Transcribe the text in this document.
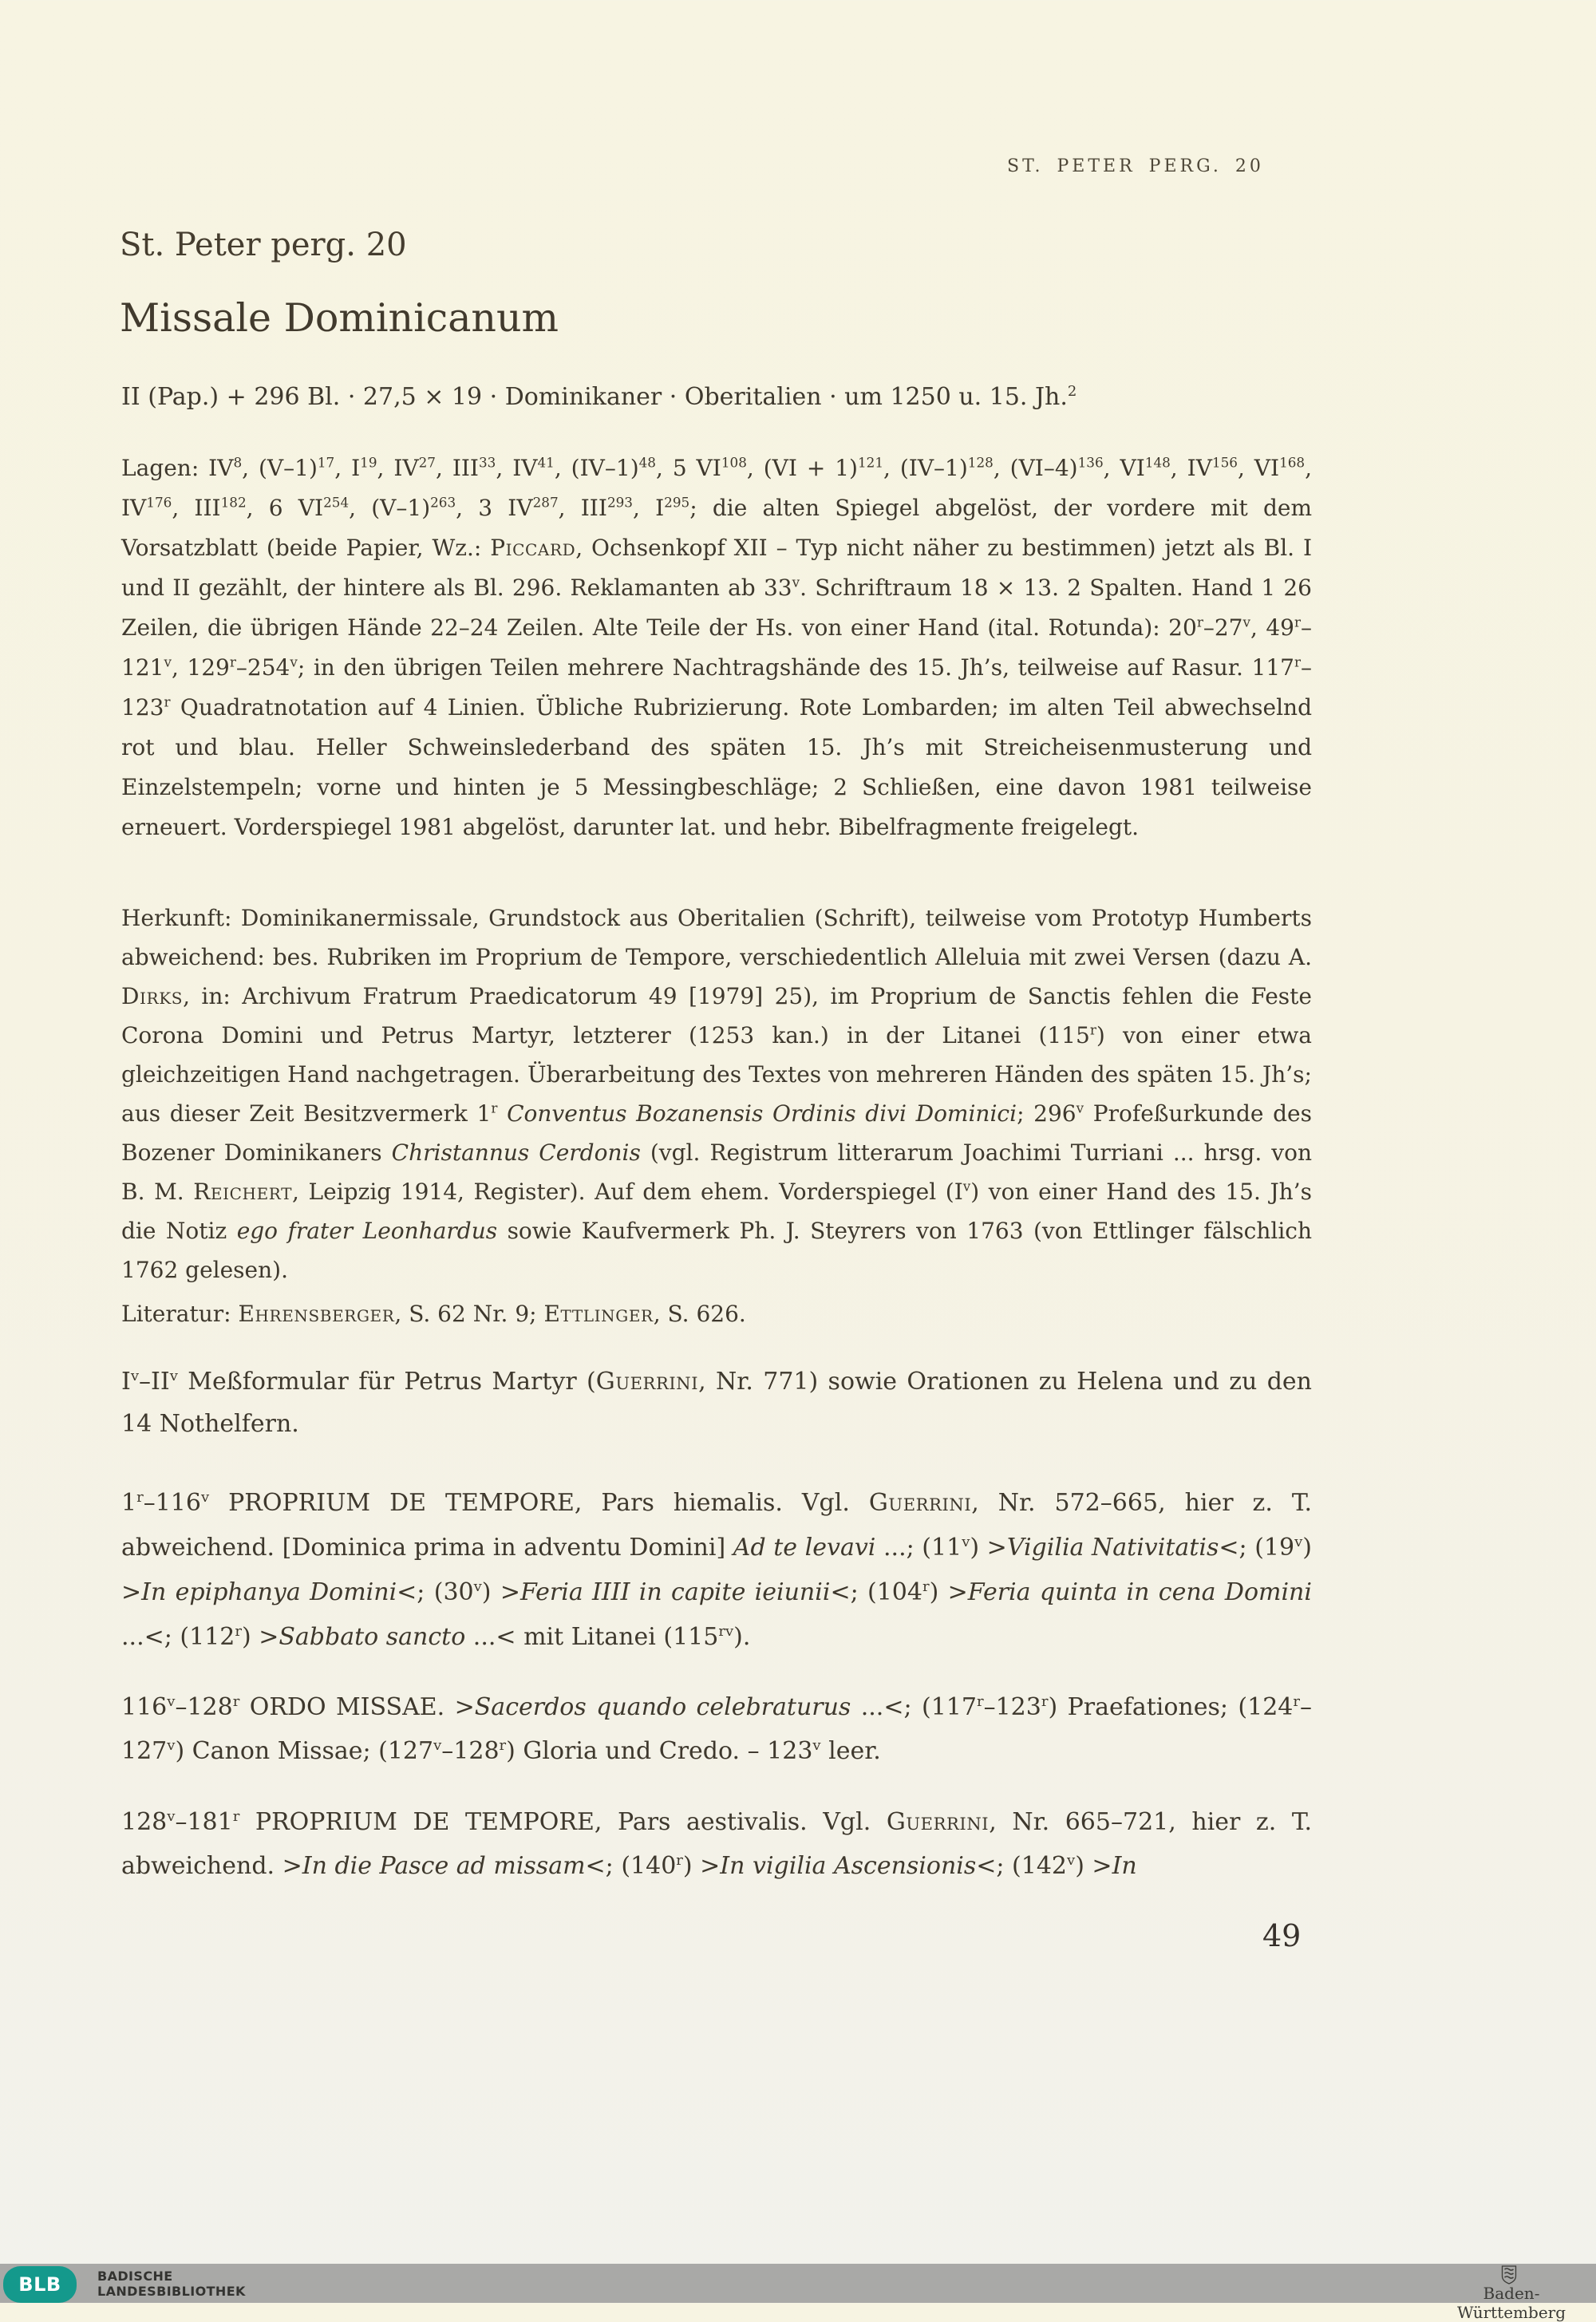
ST. PETER PERG. 20
St. Peter perg. 20
Missale Dominicanum
II (Pap.) + 296 Bl. · 27,5 × 19 · Dominikaner · Oberitalien · um 1250 u. 15. Jh.$^2$

Lagen: $IV^8$, $(V-1)^{17}$, $I^{19}$, IV$^{27}$, III$^{33}$, IV$^{41}$, $(IV-1)^{48}$, 5 VI$^{108}$, (VI + 1)$^{121}$, $(IV-1)^{128}$, $(VI-4)^{136}$, VI$^{148}$, IV$^{156}$, VI$^{168}$, IV$^{176}$, III$^{182}$, 6 VI$^{254}$, $(V-1)^{263}$, 3 IV$^{287}$, III$^{293}$, $I^{295}$; die alten Spiegel abgelöst, der vordere mit dem Vorsatzblatt (beide Papier, Wz.: Piccard, Ochsenkopf XII – Typ nicht näher zu bestimmen) jetzt als Bl. I und II gezählt, der hintere als Bl. 296. Reklamanten ab 33$^v$. Schriftraum 18 × 13. 2 Spalten. Hand 1 26 Zeilen, die übrigen Hände 22–24 Zeilen. Alte Teile der Hs. von einer Hand (ital. Rotunda): 20$^r$–27$^v$, 49$^r$–121$^v$, 129$^r$–254$^v$; in den übrigen Teilen mehrere Nachtragshände des 15. Jh’s, teilweise auf Rasur. 117$^r$–123$^r$ Quadratnotation auf 4 Linien. Übliche Rubrizierung. Rote Lombarden; im alten Teil abwechselnd rot und blau. Heller Schweinslederband des späten 15. Jh’s mit Streicheisenmusterung und Einzelstempeln; vorne und hinten je 5 Messingbeschläge; 2 Schließen, eine davon 1981 teilweise erneuert. Vorderspiegel 1981 abgelöst, darunter lat. und hebr. Bibelfragmente freigelegt.

Herkunft: Dominikanermissale, Grundstock aus Oberitalien (Schrift), teilweise vom Prototyp Humberts abweichend: bes. Rubriken im Proprium de Tempore, verschiedentlich Alleluia mit zwei Versen (dazu A. Dirks, in: Archivum Fratrum Praedicatorum 49 [1979] 25), im Proprium de Sanctis fehlen die Feste Corona Domini und Petrus Martyr, letzterer (1253 kan.) in der Litanei (115$^r$) von einer etwa gleichzeitigen Hand nachgetragen. Überarbeitung des Textes von mehreren Händen des späten 15. Jh’s; aus dieser Zeit Besitzvermerk 1$^r$ Conventus Bozanensis Ordinis divi Dominici; 296$^v$ Profeßurkunde des Bozener Dominikaners Christannus Cerdonis (vgl. Registrum litterarum Joachimi Turriani ... hrsg. von B. M. Reichert, Leipzig 1914, Register). Auf dem ehem. Vorderspiegel $(I^v)$ von einer Hand des 15. Jh’s die Notiz ego frater Leonhardus sowie Kaufvermerk Ph. J. Steyrers von 1763 (von Ettlinger fälschlich 1762 gelesen).

Literatur: Ehrensberger, S. 62 Nr. 9; Ettlinger, S. 626.

$I^v-II^v$ Meßformular für Petrus Martyr (Guerrini, Nr. 771) sowie Orationen zu Helena und zu den 14 Nothelfern.

1$^r$–116$^v$ PROPRIUM DE TEMPORE, Pars hiemalis. Vgl. Guerrini, Nr. 572–665, hier z. T. abweichend. [Dominica prima in adventu Domini] Ad te levavi ...; $(11^v)$ >Vigilia Nativitatis<; $(19^v) >In$ epiphanya Domini<; $(30^v)$ >Feria IIII in capite ieiunii<; $(104^r)$ >Feria quinta in cena Domini ...<; $(112^r)$ >Sabbato sancto ...< mit Litanei $(115^{rv})$.

116$^v$–128$^r$ ORDO MISSAE. >Sacerdos quando celebraturus ...<; (117$^r$–123$^r$) Praefationes; (124$^r$–127$^v$) Canon Missae; (127$^v$–128$^r$) Gloria und Credo. – 123$^v$ leer.

128$^v$–181$^r$ PROPRIUM DE TEMPORE, Pars aestivalis. Vgl. Guerrini, Nr. 665–721, hier z. T. abweichend. >In die Pasce ad missam<; $(140^r) >In$ vigilia Ascensionis<; $(142^v) >In$

49
BLB	BADISCHE
LANDESBIBLIOTHEK	Baden-Württemberg
